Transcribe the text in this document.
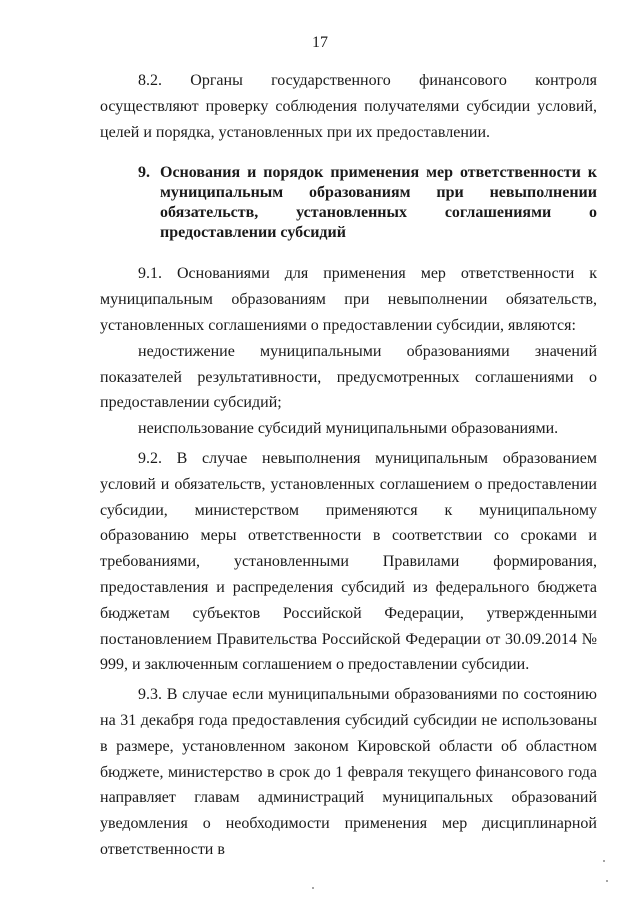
17

8.2. Органы государственного финансового контроля осуществляют проверку соблюдения получателями субсидии условий, целей и порядка, установленных при их предоставлении.

9. Основания и порядок применения мер ответственности к муниципальным образованиям при невыполнении обязательств, установленных соглашениями о предоставлении субсидий

9.1. Основаниями для применения мер ответственности к муниципальным образованиям при невыполнении обязательств, установленных соглашениями о предоставлении субсидии, являются:

недостижение муниципальными образованиями значений показателей результативности, предусмотренных соглашениями о предоставлении субсидий;

неиспользование субсидий муниципальными образованиями.

9.2. В случае невыполнения муниципальным образованием условий и обязательств, установленных соглашением о предоставлении субсидии, министерством применяются к муниципальному образованию меры ответственности в соответствии со сроками и требованиями, установленными Правилами формирования, предоставления и распределения субсидий из федерального бюджета бюджетам субъектов Российской Федерации, утвержденными постановлением Правительства Российской Федерации от 30.09.2014 № 999, и заключенным соглашением о предоставлении субсидии.

9.3. В случае если муниципальными образованиями по состоянию на 31 декабря года предоставления субсидий субсидии не использованы в размере, установленном законом Кировской области об областном бюджете, министерство в срок до 1 февраля текущего финансового года направляет главам администраций муниципальных образований уведомления о необходимости применения мер дисциплинарной ответственности в
